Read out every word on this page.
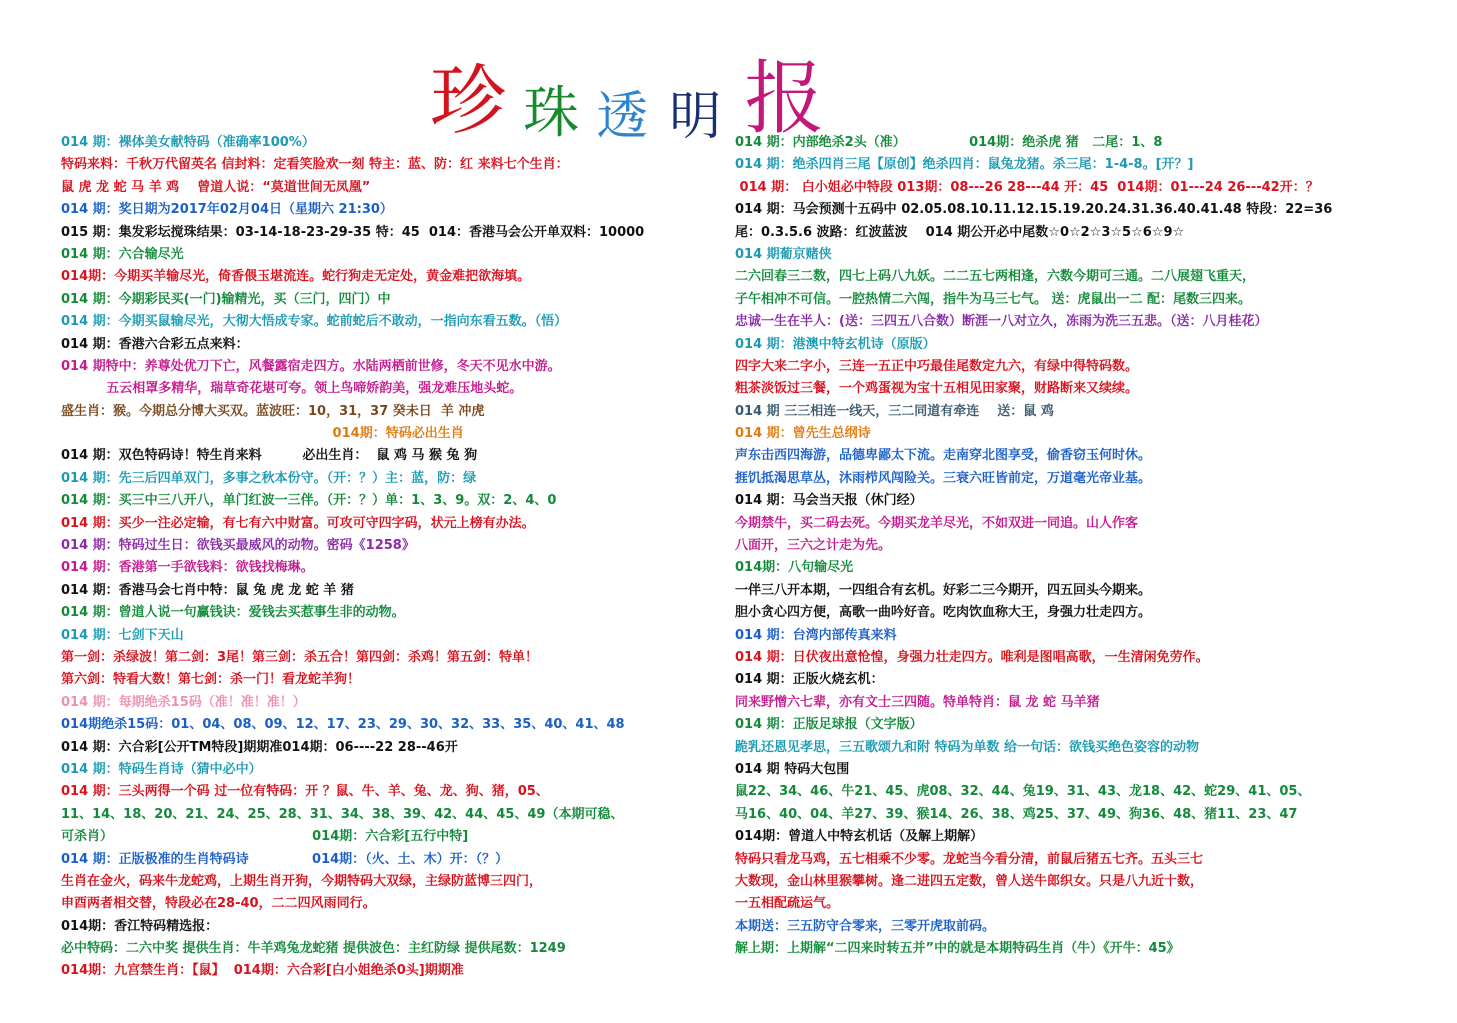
珍 珠 透 明 报
014 期：裸体美女献特码（准确率100%）
特码来料：千秋万代留英名 信封料：定看笑脸欢一刻 特主：蓝、防：红 来料七个生肖：
鼠 虎 龙 蛇 马 羊 鸡    曾道人说：“莫道世间无凤凰”
014 期：奖日期为2017年02月04日（星期六 21:30）
015 期：集发彩坛搅珠结果：03-14-18-23-29-35 特：45  014：香港马会公开单双料：10000
014 期：六合输尽光
014期：今期买羊输尽光，倚香偎玉堪流连。蛇行狗走无定处，黄金难把欲海填。
014 期：今期彩民买(一门)输精光，买（三门，四门）中
014 期：今期买鼠输尽光，大彻大悟成专家。蛇前蛇后不敢动，一指向东看五数。（悟）
014 期：香港六合彩五点来料：
014 期特中：养尊处优刀下亡，风餐露宿走四方。水陆两栖前世修，冬天不见水中游。
五云相罩多精华，瑞草奇花堪可夸。领上鸟啼娇韵美，强龙难压地头蛇。
盛生肖：猴。今期总分博大买双。蓝波旺：10，31，37 癸未日  羊 冲虎
014期：特码必出生肖
014 期：双色特码诗！特生肖来料         必出生肖：  鼠 鸡 马 猴 兔 狗
014 期：先三后四单双门，多事之秋本份守。（开：？）主：蓝，防：绿
014 期：买三中三八开八，单门红波一三伴。（开：？）单：1、3、9。双：2、4、0
014 期：买少一注必定输，有七有六中财富。可攻可守四字码，状元上榜有办法。
014 期：特码过生日：欲钱买最威风的动物。密码《1258》
014 期：香港第一手欲钱料：欲钱找梅琳。
014 期：香港马会七肖中特：鼠 兔 虎 龙 蛇 羊 猪
014 期：曾道人说一句赢钱诀：爱钱去买惹事生非的动物。
014 期：七剑下天山
第一剑：杀绿波！第二剑：3尾！第三剑：杀五合！第四剑：杀鸡！第五剑：特单！
第六剑：特看大数！第七剑：杀一门！看龙蛇羊狗！
014 期：每期绝杀15码（准！准！准！）
014期绝杀15码：01、04、08、09、12、17、23、29、30、32、33、35、40、41、48
014 期：六合彩[公开TM特段]期期准014期：06----22 28--46开
014 期：特码生肖诗（猜中必中）
014 期：三头两得一个码 过一位有特码：开 ？鼠、牛、羊、兔、龙、狗、猪，05、
11、14、18、20、21、24、25、28、31、34、38、39、42、44、45、49（本期可稳、
可杀肖）                                            014期：六合彩[五行中特]
014 期：正版极准的生肖特码诗              014期：（火、土、木）开：（？）
生肖在金火，码来牛龙蛇鸡，上期生肖开狗，今期特码大双绿，主绿防蓝博三四门，
申酉两者相交替，特段必在28-40，二二四风雨同行。
014期：香江特码精选报：
必中特码：二六中奖 提供生肖：牛羊鸡兔龙蛇猪 提供波色：主红防绿 提供尾数：1249
014期：九宫禁生肖：【鼠】  014期：六合彩[白小姐绝杀0头]期期准
014 期：内部绝杀2头（准）              014期：绝杀虎 猪   二尾：1、8
014 期：绝杀四肖三尾【原创】绝杀四肖：鼠兔龙猪。杀三尾：1-4-8。[开？]
014 期： 白小姐必中特段 013期：08---26 28---44 开：45  014期：01---24 26---42开：？
014 期：马会预测十五码中 02.05.08.10.11.12.15.19.20.24.31.36.40.41.48 特段：22=36
尾：0.3.5.6 波路：红波蓝波    014 期公开必中尾数☆0☆2☆3☆5☆6☆9☆
014 期葡京赌侠
二六回春三二数，四七上码八九妖。二二五七两相逢，六数今期可三通。二八展翅飞重天，
子午相冲不可信。一腔热情二六闯，指牛为马三七气。 送：虎鼠出一二 配：尾数三四来。
忠诚一生在半人：(送：三四五八合数）断涯一八对立久，冻雨为洗三五悲。（送：八月桂花）
014 期：港澳中特玄机诗（原版）
四字大来二字小，三连一五正中巧最佳尾数定九六，有绿中得特码数。
粗茶淡饭过三餐，一个鸡蛋视为宝十五相见田家聚，财路断来又续续。
014 期 三三相连一线天，三二同道有牵连    送：鼠 鸡
014 期：曾先生总纲诗
声东击西四海游，品德卑鄙太下流。走南穿北图享受，偷香窃玉何时休。
捱饥抵渴思草丛，沐雨栉风闯险关。三衰六旺皆前定，万道毫光帝业基。
014 期：马会当天报（休门经）
今期禁牛，买二码去死。今期买龙羊尽光，不如双进一同追。山人作客
八面开，三六之计走为先。
014期：八句输尽光
一伴三八开本期，一四组合有玄机。好彩二三今期开，四五回头今期来。
胆小贪心四方便，高歌一曲吟好音。吃肉饮血称大王，身强力壮走四方。
014 期：台湾内部传真来料
014 期：日伏夜出意怆惶，身强力壮走四方。唯利是图唱高歌，一生清闲免劳作。
014 期：正版火烧玄机：
同来野憎六七辈，亦有文士三四随。特单特肖：鼠 龙 蛇 马羊猪
014 期：正版足球报（文字版）
跪乳还恩见孝思，三五歌颂九和附 特码为单数 给一句话：欲钱买绝色姿容的动物
014 期 特码大包围
鼠22、34、46、牛21、45、虎08、32、44、兔19、31、43、龙18、42、蛇29、41、05、
马16、40、04、羊27、39、猴14、26、38、鸡25、37、49、狗36、48、猪11、23、47
014期：曾道人中特玄机话（及解上期解）
特码只看龙马鸡，五七相乘不少零。龙蛇当今看分清，前鼠后猪五七齐。五头三七
大数现，金山林里猴攀树。逢二进四五定数，曾人送牛郎织女。只是八九近十数，
一五相配疏运气。
本期送：三五防守合零来，三零开虎取前码。
解上期：上期解“二四来时转五并”中的就是本期特码生肖（牛）《开牛：45》
